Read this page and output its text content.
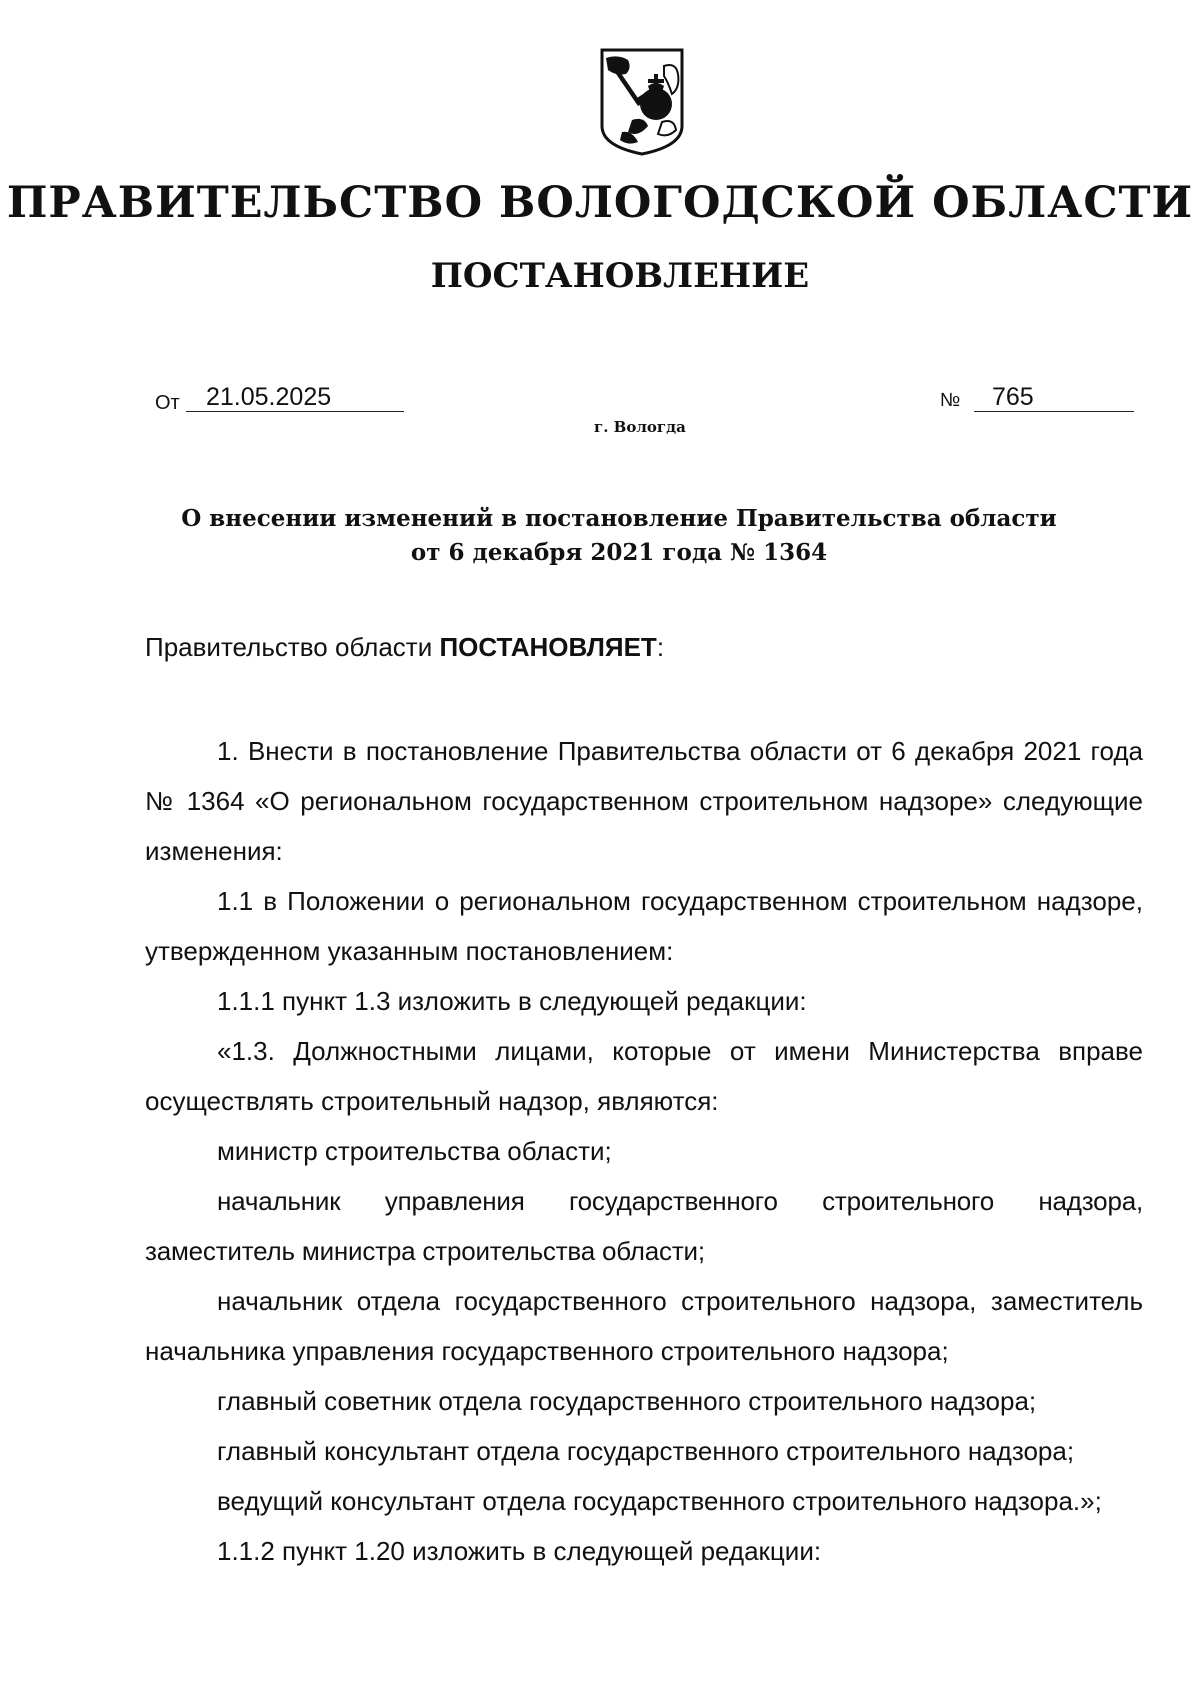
ПРАВИТЕЛЬСТВО ВОЛОГОДСКОЙ ОБЛАСТИ
ПОСТАНОВЛЕНИЕ
От	21.05.2025	№	765
г. Вологда
О внесении изменений в постановление Правительства области
от 6 декабря 2021 года № 1364
Правительство области ПОСТАНОВЛЯЕТ:

1. Внести в постановление Правительства области от 6 декабря 2021 года № 1364 «О региональном государственном строительном надзоре» следующие изменения:

1.1 в Положении о региональном государственном строительном надзоре, утвержденном указанным постановлением:

1.1.1 пункт 1.3 изложить в следующей редакции:

«1.3. Должностными лицами, которые от имени Министерства вправе осуществлять строительный надзор, являются:

министр строительства области;

начальник управления государственного строительного надзора, заместитель министра строительства области;

начальник отдела государственного строительного надзора, заместитель начальника управления государственного строительного надзора;

главный советник отдела государственного строительного надзора;

главный консультант отдела государственного строительного надзора;

ведущий консультант отдела государственного строительного надзора.»;

1.1.2 пункт 1.20 изложить в следующей редакции:
